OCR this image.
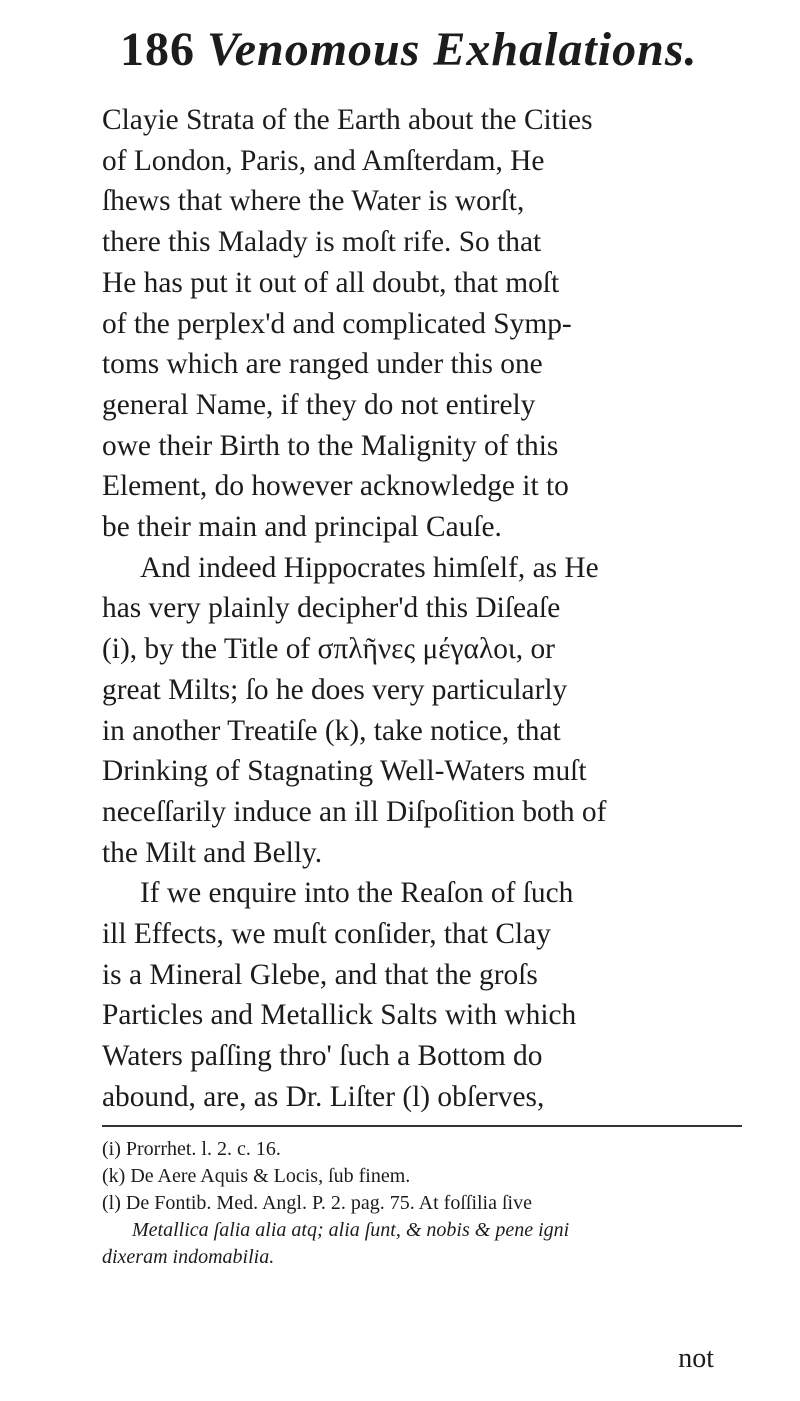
186 Venomous Exhalations.
Clayie Strata of the Earth about the Cities
of London, Paris, and Amſterdam, He
ſhews that where the Water is worſt,
there this Malady is moſt rife. So that
He has put it out of all doubt, that moſt
of the perplex'd and complicated Symp-
toms which are ranged under this one
general Name, if they do not entirely
owe their Birth to the Malignity of this
Element, do however acknowledge it to
be their main and principal Cauſe.
And indeed Hippocrates himſelf, as He
has very plainly decipher'd this Diſeaſe
(i), by the Title of σπλῆνες μέγαλοι, or
great Milts; ſo he does very particularly
in another Treatiſe (k), take notice, that
Drinking of Stagnating Well-Waters muſt
neceſſarily induce an ill Diſpoſition both of
the Milt and Belly.
If we enquire into the Reaſon of ſuch
ill Effects, we muſt conſider, that Clay
is a Mineral Glebe, and that the groſs
Particles and Metallick Salts with which
Waters paſſing thro' ſuch a Bottom do
abound, are, as Dr. Liſter (l) obſerves,
(i) Prorrhet. l. 2. c. 16.
(k) De Aere Aquis & Locis, ſub finem.
(l) De Fontib. Med. Angl. P. 2. pag. 75. At foſſilia ſive
Metallica ſalia alia atq; alia ſunt, & nobis & pene igni
dixeram indomabilia.
not
